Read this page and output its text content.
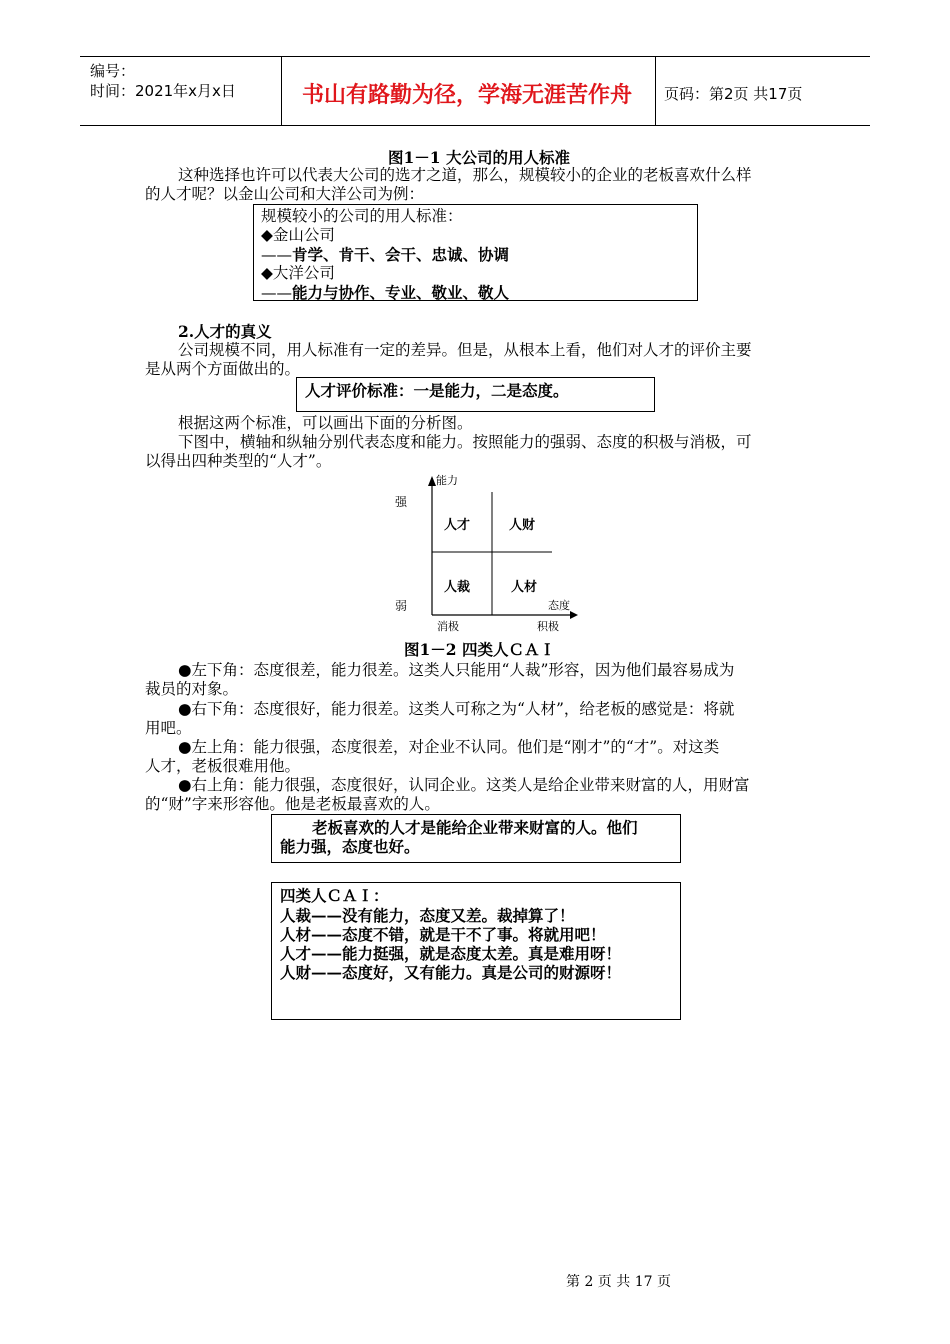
编号：
时间：2021年x月x日	书山有路勤为径，学海无涯苦作舟 页码：第2页 共17页
图1－1 大公司的用人标准
这种选择也许可以代表大公司的选才之道，那么，规模较小的企业的老板喜欢什么样
的人才呢？以金山公司和大洋公司为例：
规模较小的公司的用人标准：
◆金山公司
——肯学、肯干、会干、忠诚、协调
◆大洋公司
——能力与协作、专业、敬业、敬人
2.人才的真义
公司规模不同，用人标准有一定的差异。但是，从根本上看，他们对人才的评价主要
是从两个方面做出的。
人才评价标准：一是能力，二是态度。
根据这两个标准，可以画出下面的分析图。
下图中，横轴和纵轴分别代表态度和能力。按照能力的强弱、态度的积极与消极，可
以得出四种类型的“人才”。
能力
态度
强
弱
消极	积极
人才	人财
人裁	人材
图1－2 四类人ＣＡＩ
●左下角：态度很差，能力很差。这类人只能用“人裁”形容，因为他们最容易成为
裁员的对象。
●右下角：态度很好，能力很差。这类人可称之为“人材”，给老板的感觉是：将就
用吧。
●左上角：能力很强，态度很差，对企业不认同。他们是“刚才”的“才”。对这类
人才，老板很难用他。
●右上角：能力很强，态度很好，认同企业。这类人是给企业带来财富的人，用财富
的“财”字来形容他。他是老板最喜欢的人。
老板喜欢的人才是能给企业带来财富的人。他们
能力强，态度也好。
四类人ＣＡＩ：
人裁——没有能力，态度又差。裁掉算了！
人材——态度不错，就是干不了事。将就用吧！
人才——能力挺强，就是态度太差。真是难用呀！
人财——态度好，又有能力。真是公司的财源呀！
第 2 页 共 17 页
